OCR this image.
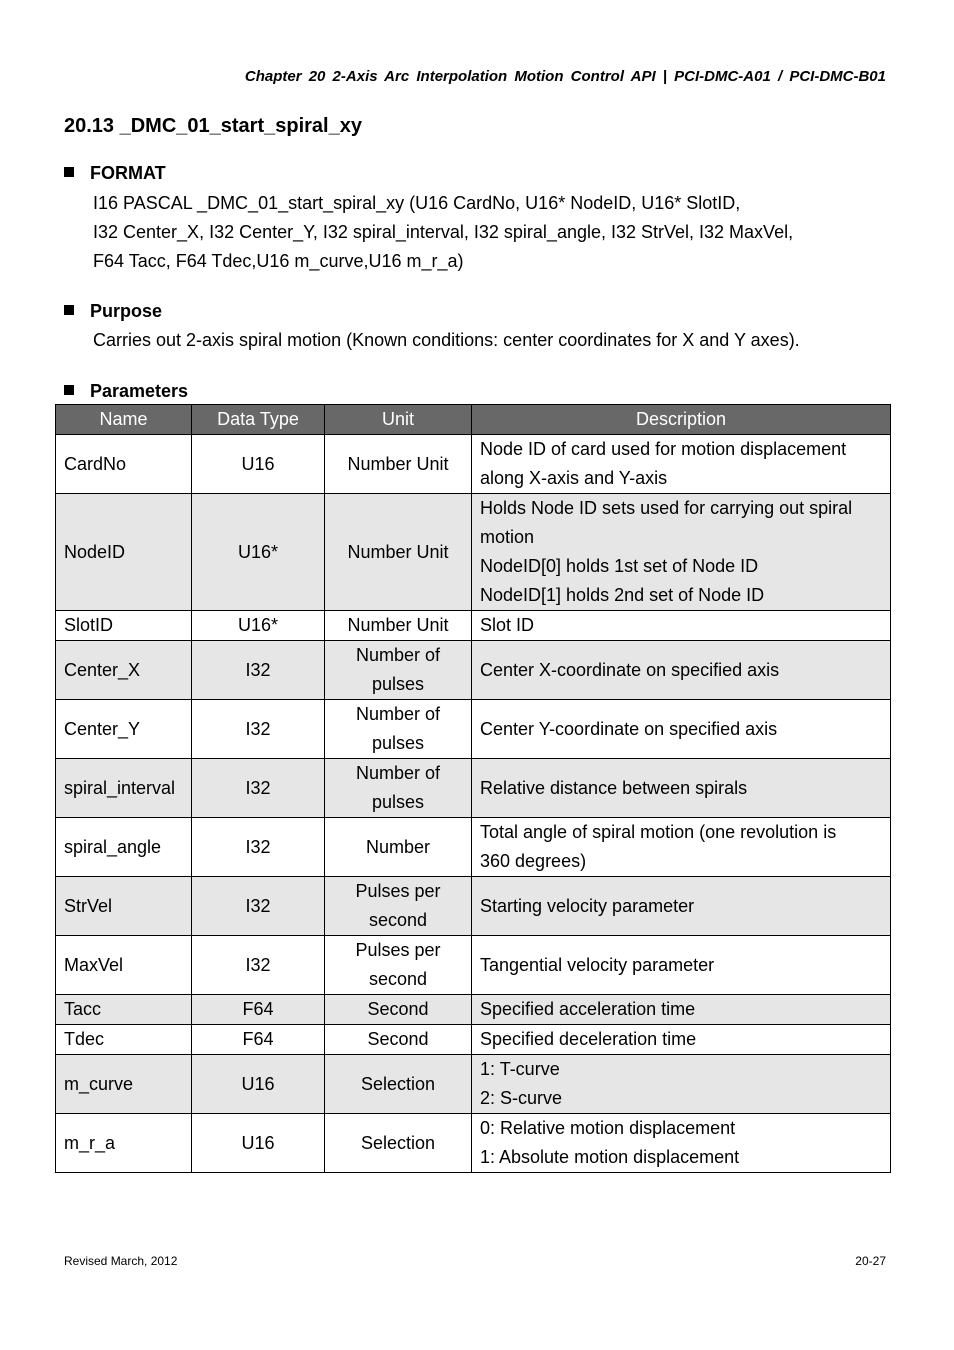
Chapter 20 2-Axis Arc Interpolation Motion Control API | PCI-DMC-A01 / PCI-DMC-B01
20.13 _DMC_01_start_spiral_xy
FORMAT
I16 PASCAL _DMC_01_start_spiral_xy (U16 CardNo, U16* NodeID, U16* SlotID,
I32 Center_X, I32 Center_Y, I32 spiral_interval, I32 spiral_angle, I32 StrVel, I32 MaxVel,
F64 Tacc, F64 Tdec,U16 m_curve,U16 m_r_a)
Purpose
Carries out 2-axis spiral motion (Known conditions: center coordinates for X and Y axes).
Parameters
Name	Data Type	Unit	Description
CardNo	U16	Number Unit	Node ID of card used for motion displacement
along X-axis and Y-axis

NodeID	U16*	Number Unit	Holds Node ID sets used for carrying out spiral
motion
NodeID[0] holds 1st set of Node ID
NodeID[1] holds 2nd set of Node ID

SlotID	U16*	Number Unit	Slot ID

Center_X	I32	Number of
pulses	Center X-coordinate on specified axis

Center_Y	I32	Number of
pulses	Center Y-coordinate on specified axis

spiral_interval	I32	Number of
pulses	Relative distance between spirals

spiral_angle	I32	Number	Total angle of spiral motion (one revolution is
360 degrees)

StrVel	I32	Pulses per
second	Starting velocity parameter

MaxVel	I32	Pulses per
second	Tangential velocity parameter

Tacc	F64	Second	Specified acceleration time

Tdec	F64	Second	Specified deceleration time

m_curve	U16	Selection	1: T-curve
2: S-curve

m_r_a	U16	Selection	0: Relative motion displacement
1: Absolute motion displacement
Revised March, 2012	20-27
